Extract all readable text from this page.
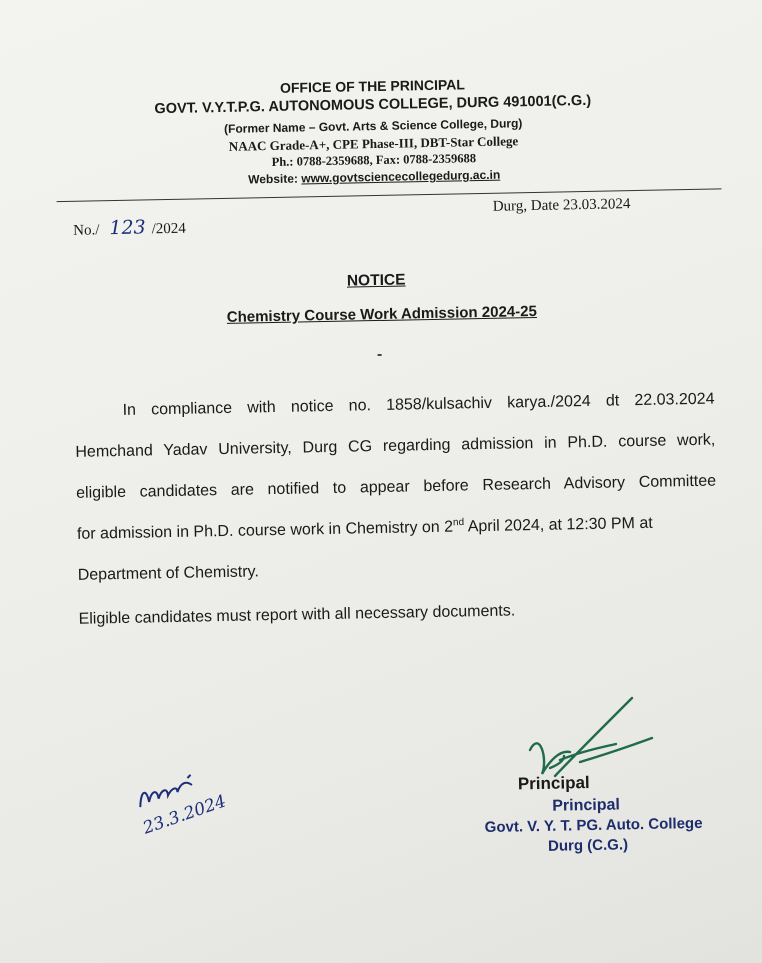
OFFICE OF THE PRINCIPAL
GOVT. V.Y.T.P.G. AUTONOMOUS COLLEGE, DURG 491001(C.G.)
(Former Name – Govt. Arts & Science College, Durg)
NAAC Grade-A+, CPE Phase-III, DBT-Star College
Ph.: 0788-2359688, Fax: 0788-2359688
Website: www.govtsciencecollegedurg.ac.in
No./ 123 /2024
Durg, Date 23.03.2024
NOTICE
Chemistry Course Work Admission 2024-25
In compliance with notice no. 1858/kulsachiv karya./2024 dt 22.03.2024
Hemchand Yadav University, Durg CG regarding admission in Ph.D. course work,
eligible candidates are notified to appear before Research Advisory Committee
for admission in Ph.D. course work in Chemistry on 2nd April 2024, at 12:30 PM at
Department of Chemistry.
Eligible candidates must report with all necessary documents.
23.3.2024
Principal
Principal
Govt. V. Y. T. PG. Auto. College
Durg (C.G.)
